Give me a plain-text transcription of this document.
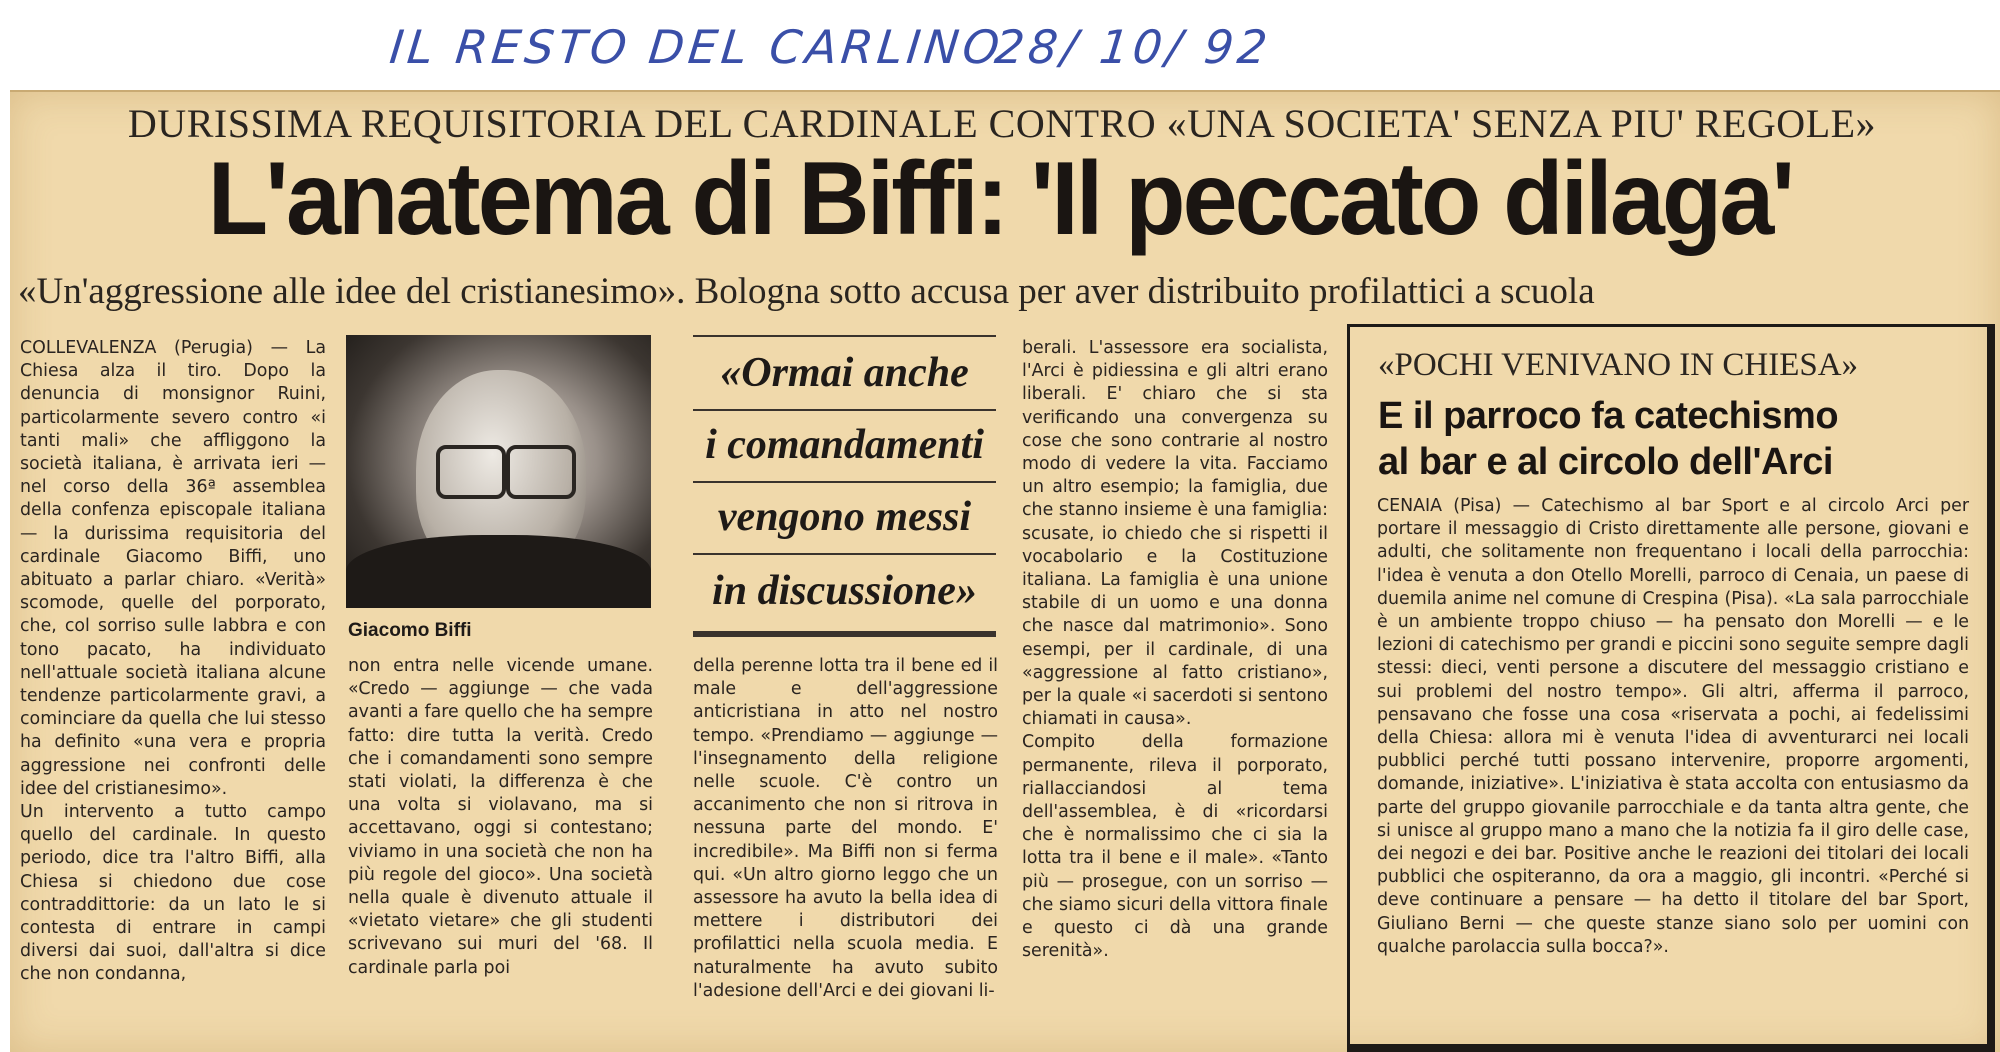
IL RESTO DEL CARLINO
28/ 10/ 92
DURISSIMA REQUISITORIA DEL CARDINALE CONTRO «UNA SOCIETA' SENZA PIU' REGOLE»
L'anatema di Biffi: 'Il peccato dilaga'
«Un'aggressione alle idee del cristianesimo». Bologna sotto accusa per aver distribuito profilattici a scuola

COLLEVALENZA (Perugia) — La Chiesa alza il tiro. Dopo la denuncia di monsignor Ruini, particolarmente severo contro «i tanti mali» che affliggono la società italiana, è arrivata ieri — nel corso della 36ª assemblea della confenza episcopale italiana — la durissima requisitoria del cardinale Giacomo Biffi, uno abituato a parlar chiaro. «Verità» scomode, quelle del porporato, che, col sorriso sulle labbra e con tono pacato, ha individuato nell'attuale società italiana alcune tendenze particolarmente gravi, a cominciare da quella che lui stesso ha definito «una vera e propria aggressione nei confronti delle idee del cristianesimo».

Un intervento a tutto campo quello del cardinale. In questo periodo, dice tra l'altro Biffi, alla Chiesa si chiedono due cose contraddittorie: da un lato le si contesta di entrare in campi diversi dai suoi, dall'altra si dice che non condanna,

Giacomo Biffi

non entra nelle vicende umane. «Credo — aggiunge — che vada avanti a fare quello che ha sempre fatto: dire tutta la verità. Credo che i comandamenti sono sempre stati violati, la differenza è che una volta si violavano, ma si accettavano, oggi si contestano; viviamo in una società che non ha più regole del gioco». Una società nella quale è divenuto attuale il «vietato vietare» che gli studenti scrivevano sui muri del '68. Il cardinale parla poi

«Ormai anche
i comandamenti
vengono messi
in discussione»

della perenne lotta tra il bene ed il male e dell'aggressione anticristiana in atto nel nostro tempo. «Prendiamo — aggiunge — l'insegnamento della religione nelle scuole. C'è contro un accanimento che non si ritrova in nessuna parte del mondo. E' incredibile». Ma Biffi non si ferma qui. «Un altro giorno leggo che un assessore ha avuto la bella idea di mettere i distributori dei profilattici nella scuola media. E naturalmente ha avuto subito l'adesione dell'Arci e dei giovani li-

berali. L'assessore era socialista, l'Arci è pidiessina e gli altri erano liberali. E' chiaro che si sta verificando una convergenza su cose che sono contrarie al nostro modo di vedere la vita. Facciamo un altro esempio; la famiglia, due che stanno insieme è una famiglia: scusate, io chiedo che si rispetti il vocabolario e la Costituzione italiana. La famiglia è una unione stabile di un uomo e una donna che nasce dal matrimonio». Sono esempi, per il cardinale, di una «aggressione al fatto cristiano», per la quale «i sacerdoti si sentono chiamati in causa».

Compito della formazione permanente, rileva il porporato, riallacciandosi al tema dell'assemblea, è di «ricordarsi che è normalissimo che ci sia la lotta tra il bene e il male». «Tanto più — prosegue, con un sorriso — che siamo sicuri della vittora finale e questo ci dà una grande serenità».

«POCHI VENIVANO IN CHIESA»
E il parroco fa catechismo
al bar e al circolo dell'Arci

CENAIA (Pisa) — Catechismo al bar Sport e al circolo Arci per portare il messaggio di Cristo direttamente alle persone, giovani e adulti, che solitamente non frequentano i locali della parrocchia: l'idea è venuta a don Otello Morelli, parroco di Cenaia, un paese di duemila anime nel comune di Crespina (Pisa). «La sala parrocchiale è un ambiente troppo chiuso — ha pensato don Morelli — e le lezioni di catechismo per grandi e piccini sono seguite sempre dagli stessi: dieci, venti persone a discutere del messaggio cristiano e sui problemi del nostro tempo». Gli altri, afferma il parroco, pensavano che fosse una cosa «riservata a pochi, ai fedelissimi della Chiesa: allora mi è venuta l'idea di avventurarci nei locali pubblici perché tutti possano intervenire, proporre argomenti, domande, iniziative». L'iniziativa è stata accolta con entusiasmo da parte del gruppo giovanile parrocchiale e da tanta altra gente, che si unisce al gruppo mano a mano che la notizia fa il giro delle case, dei negozi e dei bar. Positive anche le reazioni dei titolari dei locali pubblici che ospiteranno, da ora a maggio, gli incontri. «Perché si deve continuare a pensare — ha detto il titolare del bar Sport, Giuliano Berni — che queste stanze siano solo per uomini con qualche parolaccia sulla bocca?».
